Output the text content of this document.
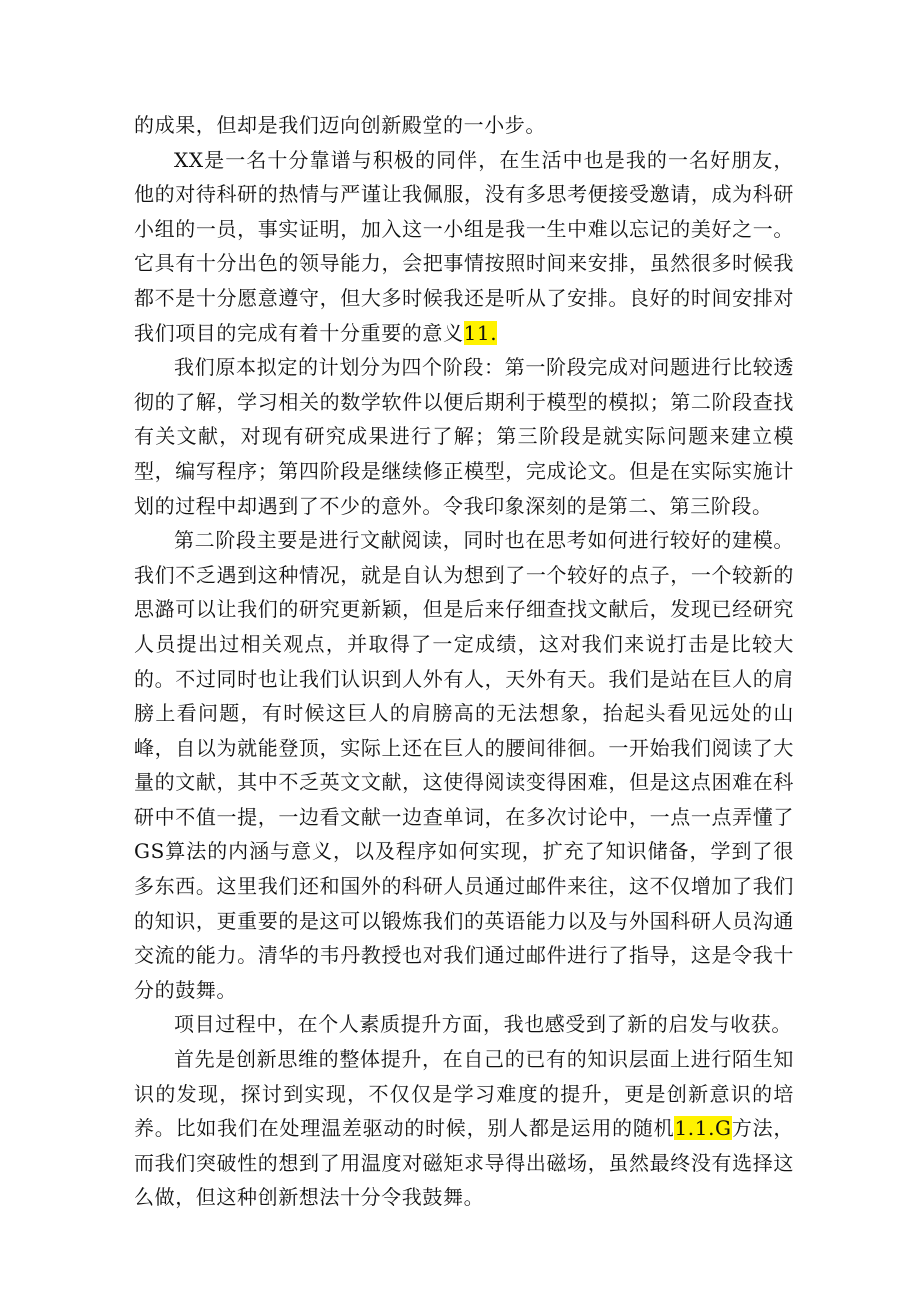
的成果，但却是我们迈向创新殿堂的一小步。

XX是一名十分靠谱与积极的同伴，在生活中也是我的一名好朋友，他的对待科研的热情与严谨让我佩服，没有多思考便接受邀请，成为科研小组的一员，事实证明，加入这一小组是我一生中难以忘记的美好之一。它具有十分出色的领导能力，会把事情按照时间来安排，虽然很多时候我都不是十分愿意遵守，但大多时候我还是听从了安排。良好的时间安排对我们项目的完成有着十分重要的意义11.

我们原本拟定的计划分为四个阶段：第一阶段完成对问题进行比较透彻的了解，学习相关的数学软件以便后期利于模型的模拟；第二阶段查找有关文献，对现有研究成果进行了解；第三阶段是就实际问题来建立模型，编写程序；第四阶段是继续修正模型，完成论文。但是在实际实施计划的过程中却遇到了不少的意外。令我印象深刻的是第二、第三阶段。

第二阶段主要是进行文献阅读，同时也在思考如何进行较好的建模。我们不乏遇到这种情况，就是自认为想到了一个较好的点子，一个较新的思潞可以让我们的研究更新颖，但是后来仔细查找文献后，发现已经研究人员提出过相关观点，并取得了一定成绩，这对我们来说打击是比较大的。不过同时也让我们认识到人外有人，天外有天。我们是站在巨人的肩膀上看问题，有时候这巨人的肩膀高的无法想象，抬起头看见远处的山峰，自以为就能登顶，实际上还在巨人的腰间徘徊。一开始我们阅读了大量的文献，其中不乏英文文献，这使得阅读变得困难，但是这点困难在科研中不值一提，一边看文献一边查单词，在多次讨论中，一点一点弄懂了GS算法的内涵与意义，以及程序如何实现，扩充了知识储备，学到了很多东西。这里我们还和国外的科研人员通过邮件来往，这不仅增加了我们的知识，更重要的是这可以锻炼我们的英语能力以及与外国科研人员沟通交流的能力。清华的韦丹教授也对我们通过邮件进行了指导，这是令我十分的鼓舞。

项目过程中，在个人素质提升方面，我也感受到了新的启发与收获。

首先是创新思维的整体提升，在自己的已有的知识层面上进行陌生知识的发现，探讨到实现，不仅仅是学习难度的提升，更是创新意识的培养。比如我们在处理温差驱动的时候，别人都是运用的随机1.1.G方法，而我们突破性的想到了用温度对磁矩求导得出磁场，虽然最终没有选择这么做，但这种创新想法十分令我鼓舞。
